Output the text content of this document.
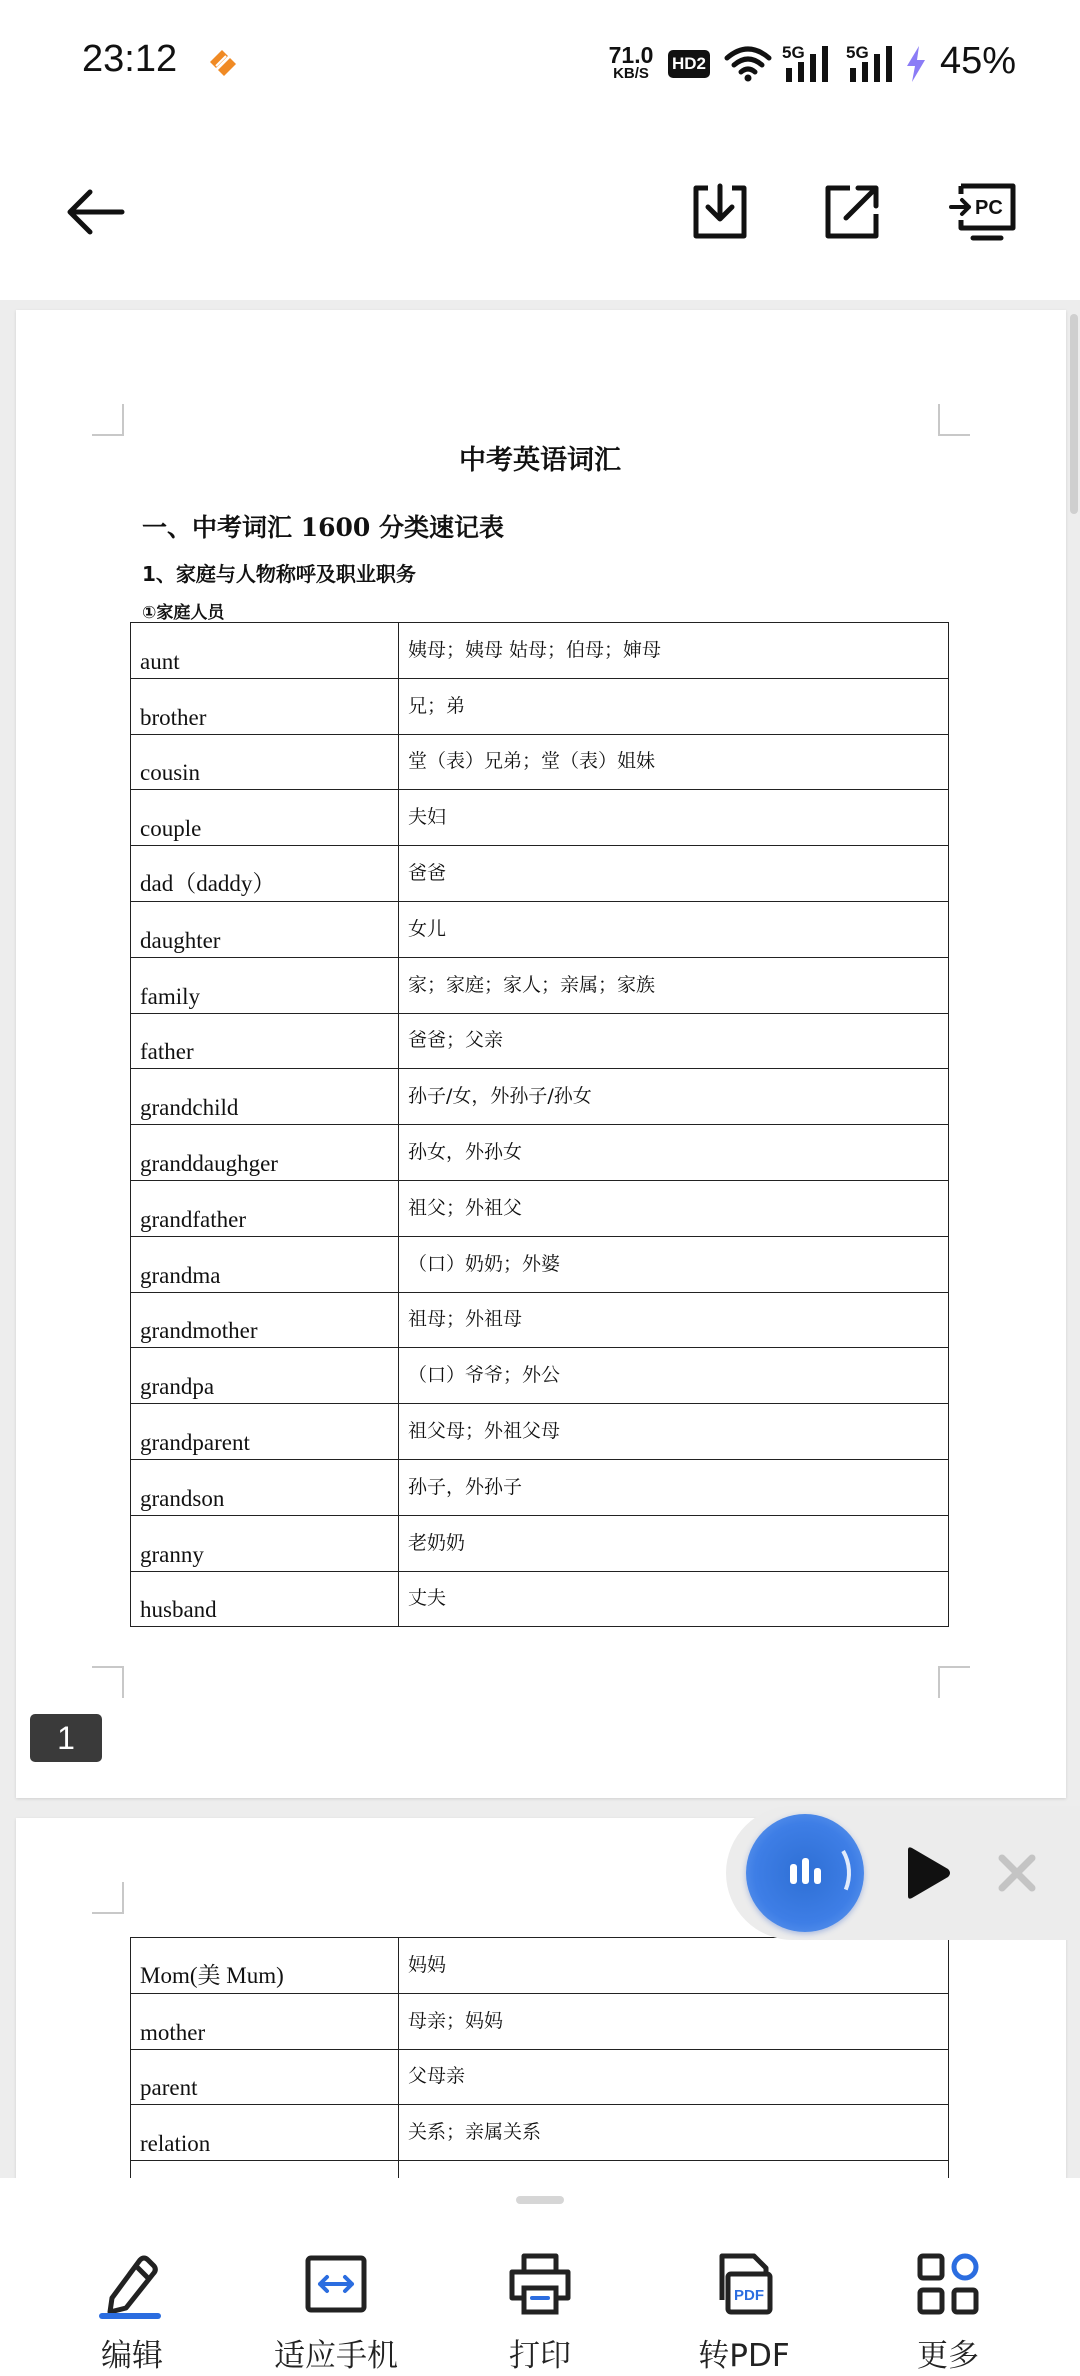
23:12	71.0
KB/S
HD2
5G 5G 45%
PC
中考英语词汇
一、中考词汇 1600 分类速记表
1、家庭与人物称呼及职业职务
①家庭人员
aunt	姨母；姨母 姑母；伯母；婶母
brother	兄；弟
cousin	堂（表）兄弟；堂（表）姐妹
couple	夫妇
dad（daddy）	爸爸
daughter	女儿
family	家；家庭；家人；亲属；家族
father	爸爸；父亲
grandchild	孙子/女，外孙子/孙女
granddaughger	孙女，外孙女
grandfather	祖父；外祖父
grandma	（口）奶奶；外婆
grandmother	祖母；外祖母
grandpa	（口）爷爷；外公
grandparent	祖父母；外祖父母
grandson	孙子，外孙子
granny	老奶奶
husband	丈夫
1
Mom(美 Mum)	妈妈
mother	母亲；妈妈
parent	父母亲
relation	关系；亲属关系

编辑	适应手机	打印
PDF
转PDF	更多
